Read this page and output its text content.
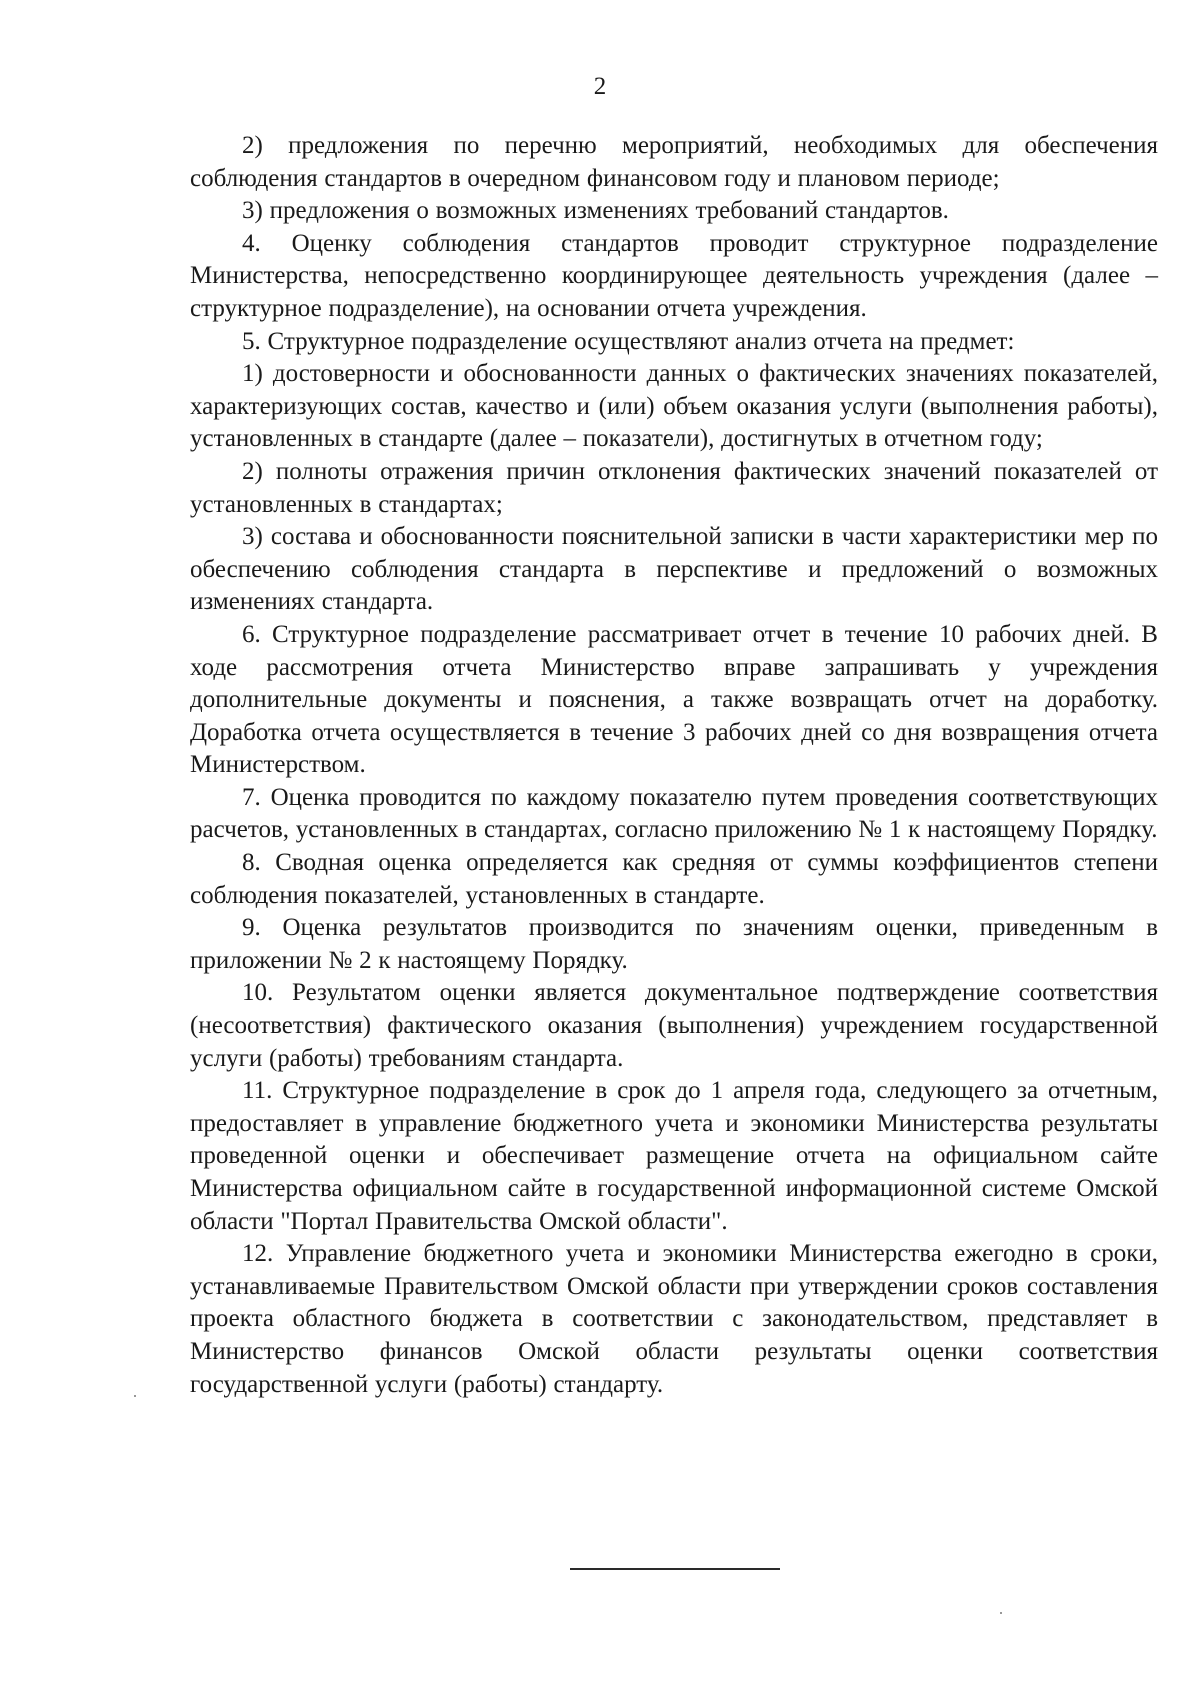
2

2) предложения по перечню мероприятий, необходимых для обеспечения соблюдения стандартов в очередном финансовом году и плановом периоде;

3) предложения о возможных изменениях требований стандартов.

4. Оценку соблюдения стандартов проводит структурное подразделение Министерства, непосредственно координирующее деятельность учреждения (далее – структурное подразделение), на основании отчета учреждения.

5. Структурное подразделение осуществляют анализ отчета на предмет:

1) достоверности и обоснованности данных о фактических значениях показателей, характеризующих состав, качество и (или) объем оказания услуги (выполнения работы), установленных в стандарте (далее – показатели), достигнутых в отчетном году;

2) полноты отражения причин отклонения фактических значений показателей от установленных в стандартах;

3) состава и обоснованности пояснительной записки в части характеристики мер по обеспечению соблюдения стандарта в перспективе и предложений о возможных изменениях стандарта.

6. Структурное подразделение рассматривает отчет в течение 10 рабочих дней. В ходе рассмотрения отчета Министерство вправе запрашивать у учреждения дополнительные документы и пояснения, а также возвращать отчет на доработку. Доработка отчета осуществляется в течение 3 рабочих дней со дня возвращения отчета Министерством.

7. Оценка проводится по каждому показателю путем проведения соответствующих расчетов, установленных в стандартах, согласно приложению № 1 к настоящему Порядку.

8. Сводная оценка определяется как средняя от суммы коэффициентов степени соблюдения показателей, установленных в стандарте.

9. Оценка результатов производится по значениям оценки, приведенным в приложении № 2 к настоящему Порядку.

10. Результатом оценки является документальное подтверждение соответствия (несоответствия) фактического оказания (выполнения) учреждением государственной услуги (работы) требованиям стандарта.

11. Структурное подразделение в срок до 1 апреля года, следующего за отчетным, предоставляет в управление бюджетного учета и экономики Министерства результаты проведенной оценки и обеспечивает размещение отчета на официальном сайте Министерства официальном сайте в государственной информационной системе Омской области "Портал Правительства Омской области".

12. Управление бюджетного учета и экономики Министерства ежегодно в сроки, устанавливаемые Правительством Омской области при утверждении сроков составления проекта областного бюджета в соответствии с законодательством, представляет в Министерство финансов Омской области результаты оценки соответствия государственной услуги (работы) стандарту.
